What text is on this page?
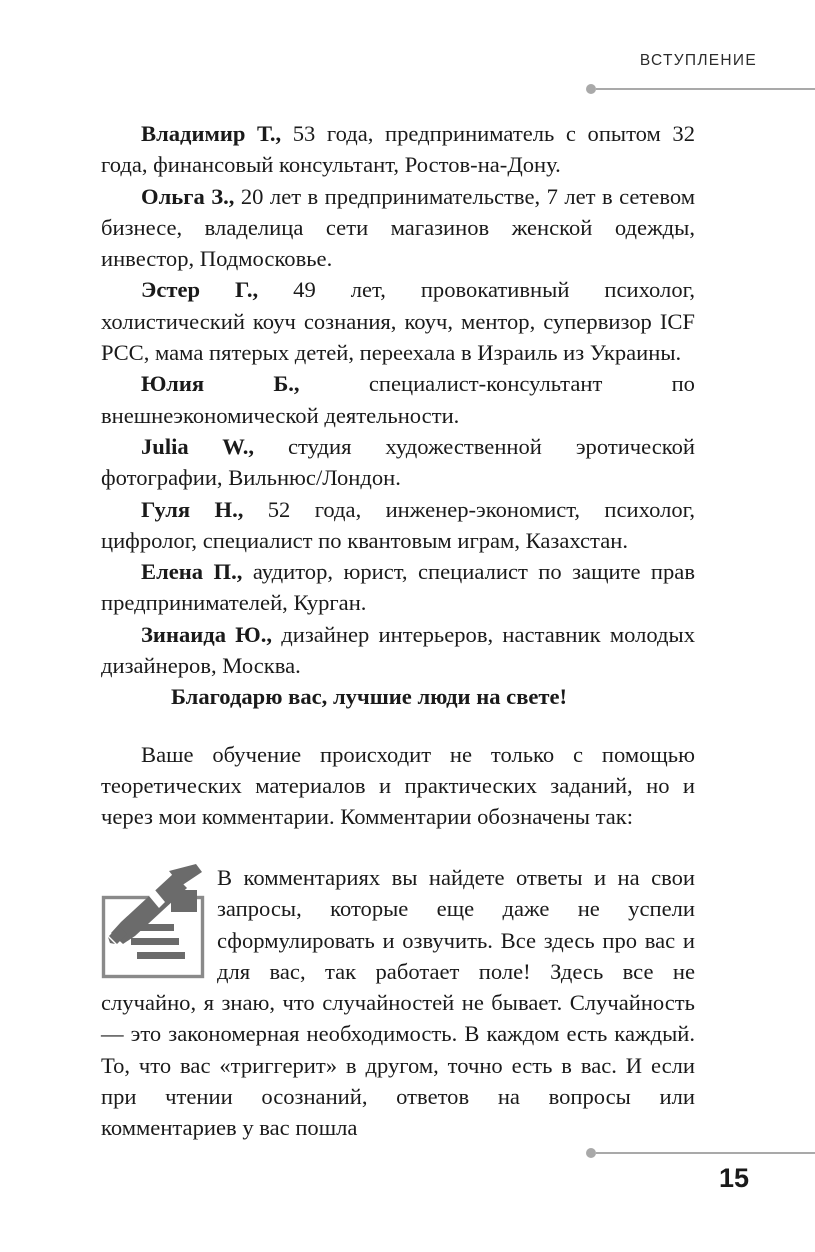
ВСТУПЛЕНИЕ

Владимир Т., 53 года, предприниматель с опытом 32 года, финансовый консультант, Ростов-на-Дону.

Ольга З., 20 лет в предпринимательстве, 7 лет в сетевом бизнесе, владелица сети магазинов женской одежды, инвестор, Подмосковье.

Эстер Г., 49 лет, провокативный психолог, холистический коуч сознания, коуч, ментор, супервизор ICF PCC, мама пятерых детей, переехала в Израиль из Украины.

Юлия Б., специалист-консультант по внешнеэкономической деятельности.

Julia W., студия художественной эротической фотографии, Вильнюс/Лондон.

Гуля Н., 52 года, инженер-экономист, психолог, цифролог, специалист по квантовым играм, Казахстан.

Елена П., аудитор, юрист, специалист по защите прав предпринимателей, Курган.

Зинаида Ю., дизайнер интерьеров, наставник молодых дизайнеров, Москва.

Благодарю вас, лучшие люди на свете!

Ваше обучение происходит не только с помощью теоретических материалов и практических заданий, но и через мои комментарии. Комментарии обозначены так:

В комментариях вы найдете ответы и на свои запросы, которые еще даже не успели сформулировать и озвучить. Все здесь про вас и для вас, так работает поле! Здесь все не случайно, я знаю, что случайностей не бывает. Случайность — это закономерная необходимость. В каждом есть каждый. То, что вас «триггерит» в другом, точно есть в вас. И если при чтении осознаний, ответов на вопросы или комментариев у вас пошла

15
